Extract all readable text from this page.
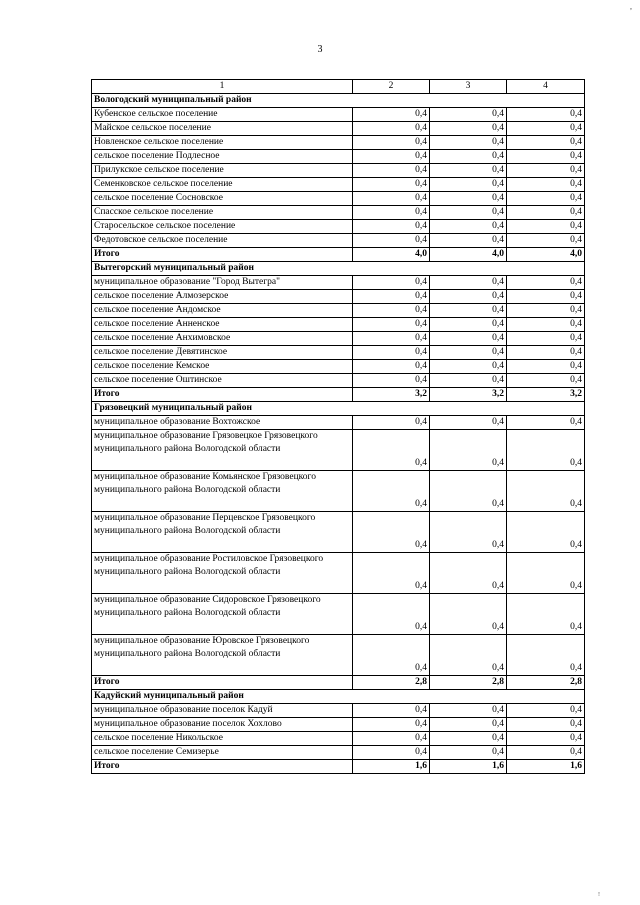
3
,
!
1	2	3	4
Вологодский муниципальный район			
Кубенское сельское поселение	0,4	0,4	0,4
Майское сельское поселение	0,4	0,4	0,4
Новленское сельское поселение	0,4	0,4	0,4
сельское поселение Подлесное	0,4	0,4	0,4
Прилукское сельское поселение	0,4	0,4	0,4
Семенковское сельское поселение	0,4	0,4	0,4
сельское поселение Сосновское	0,4	0,4	0,4
Спасское сельское поселение	0,4	0,4	0,4
Старосельское сельское поселение	0,4	0,4	0,4
Федотовское сельское поселение	0,4	0,4	0,4
Итого	4,0	4,0	4,0
Вытегорский муниципальный район			
муниципальное образование "Город Вытегра"	0,4	0,4	0,4
сельское поселение Алмозерское	0,4	0,4	0,4
сельское поселение Андомское	0,4	0,4	0,4
сельское поселение Анненское	0,4	0,4	0,4
сельское поселение Анхимовское	0,4	0,4	0,4
сельское поселение Девятинское	0,4	0,4	0,4
сельское поселение Кемское	0,4	0,4	0,4
сельское поселение Оштинское	0,4	0,4	0,4
Итого	3,2	3,2	3,2
Грязовецкий муниципальный район			
муниципальное образование Вохтожское	0,4	0,4	0,4
муниципальное образование Грязовецкое Грязовецкого муниципального района Вологодской области	0,4	0,4	0,4
муниципальное образование Комьянское Грязовецкого муниципального района Вологодской области	0,4	0,4	0,4
муниципальное образование Перцевское Грязовецкого муниципального района Вологодской области	0,4	0,4	0,4
муниципальное образование Ростиловское Грязовецкого муниципального района Вологодской области	0,4	0,4	0,4
муниципальное образование Сидоровское Грязовецкого муниципального района Вологодской области	0,4	0,4	0,4
муниципальное образование Юровское Грязовецкого муниципального района Вологодской области	0,4	0,4	0,4
Итого	2,8	2,8	2,8
Кадуйский муниципальный район			
муниципальное образование поселок Кадуй	0,4	0,4	0,4
муниципальное образование поселок Хохлово	0,4	0,4	0,4
сельское поселение Никольское	0,4	0,4	0,4
сельское поселение Семизерье	0,4	0,4	0,4
Итого	1,6	1,6	1,6
